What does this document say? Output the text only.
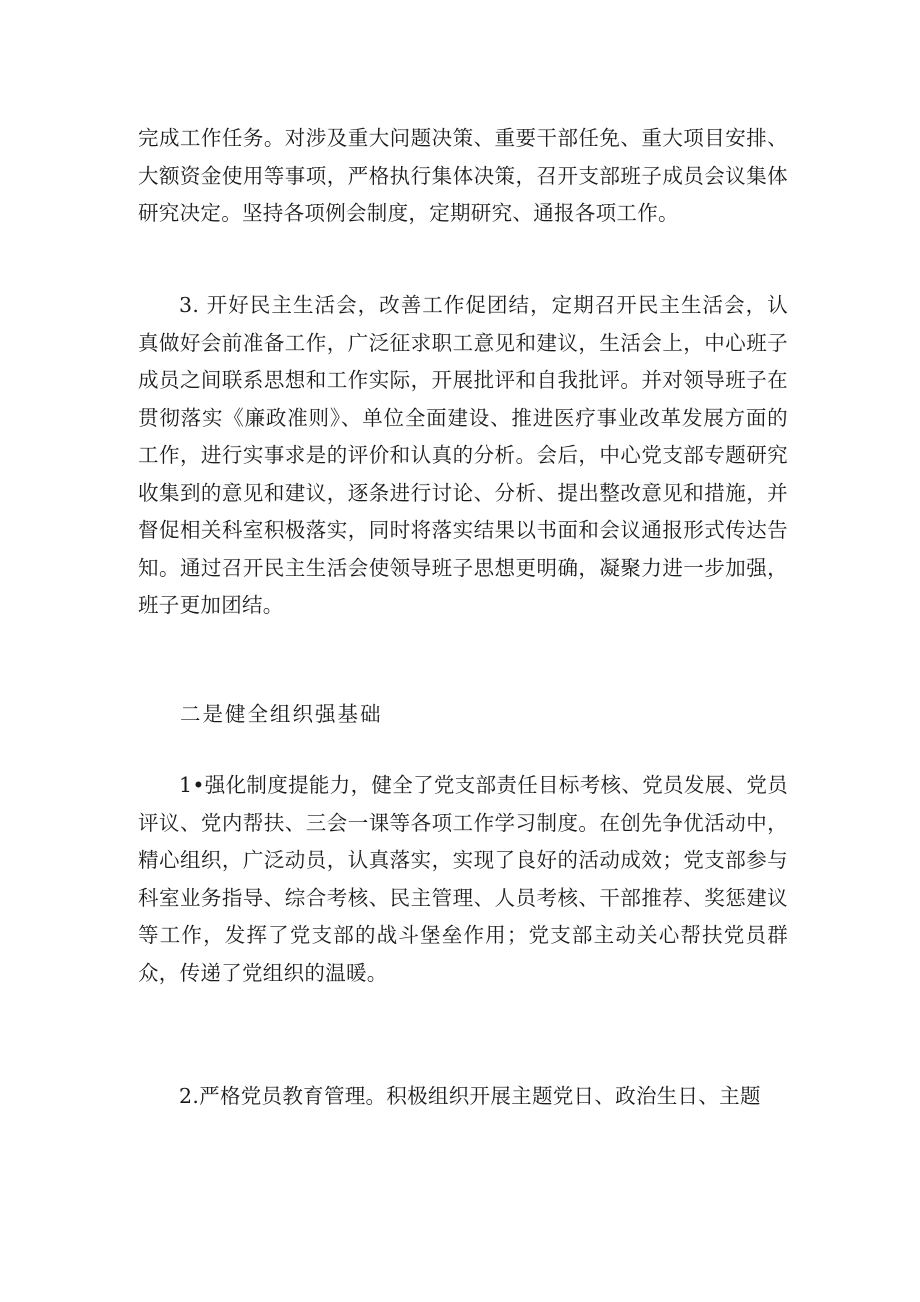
完成工作任务。对涉及重大问题决策、重要干部任免、重大项目安排、大额资金使用等事项，严格执行集体决策，召开支部班子成员会议集体研究决定。坚持各项例会制度，定期研究、通报各项工作。

3. 开好民主生活会，改善工作促团结，定期召开民主生活会，认真做好会前准备工作，广泛征求职工意见和建议，生活会上，中心班子成员之间联系思想和工作实际，开展批评和自我批评。并对领导班子在贯彻落实《廉政准则》、单位全面建设、推进医疗事业改革发展方面的工作，进行实事求是的评价和认真的分析。会后，中心党支部专题研究收集到的意见和建议，逐条进行讨论、分析、提出整改意见和措施，并督促相关科室积极落实，同时将落实结果以书面和会议通报形式传达告知。通过召开民主生活会使领导班子思想更明确，凝聚力进一步加强，班子更加团结。

二是健全组织强基础

1•强化制度提能力，健全了党支部责任目标考核、党员发展、党员评议、党内帮扶、三会一课等各项工作学习制度。在创先争优活动中，精心组织，广泛动员，认真落实，实现了良好的活动成效；党支部参与科室业务指导、综合考核、民主管理、人员考核、干部推荐、奖惩建议等工作，发挥了党支部的战斗堡垒作用；党支部主动关心帮扶党员群众，传递了党组织的温暖。

2.严格党员教育管理。积极组织开展主题党日、政治生日、主题
